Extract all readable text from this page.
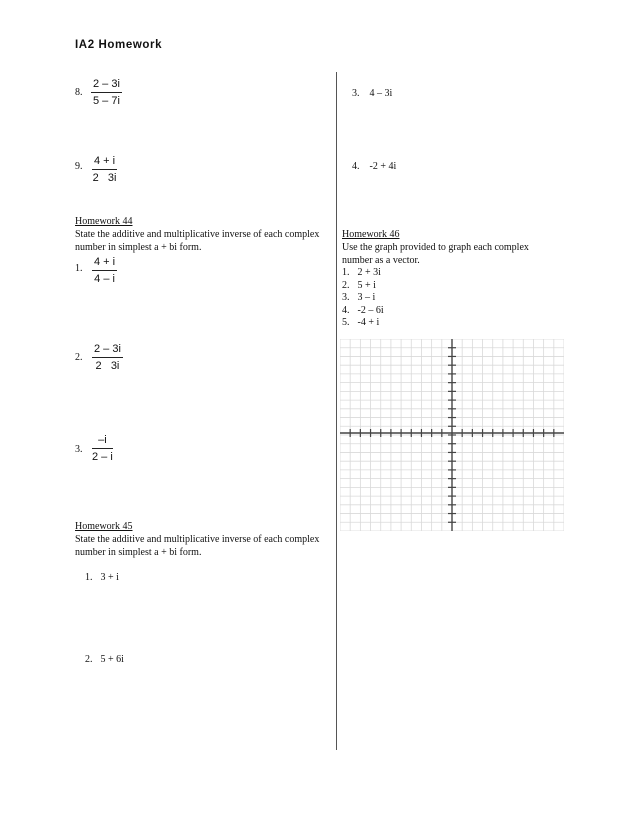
IA2 Homework
8. $\frac{2 - 3i}{5 - 7i}$
9. $\frac{4 + i}{2 3i}$
Homework 44
State the additive and multiplicative inverse of each complex number in simplest a + bi form.
1. $\frac{4 + i}{4 - i}$
2. $\frac{2 - 3i}{2 3i}$
3. $\frac{-i}{2 - i}$
Homework 45
State the additive and multiplicative inverse of each complex number in simplest a + bi form.

1. 3 + i

2. 5 + 6i

3. 4 – 3i

4. -2 + 4i

Homework 46
Use the graph provided to graph each complex number as a vector.
1. 2 + 3i
2. 5 + i
3. 3 – i
4. -2 – 6i
5. -4 + i
